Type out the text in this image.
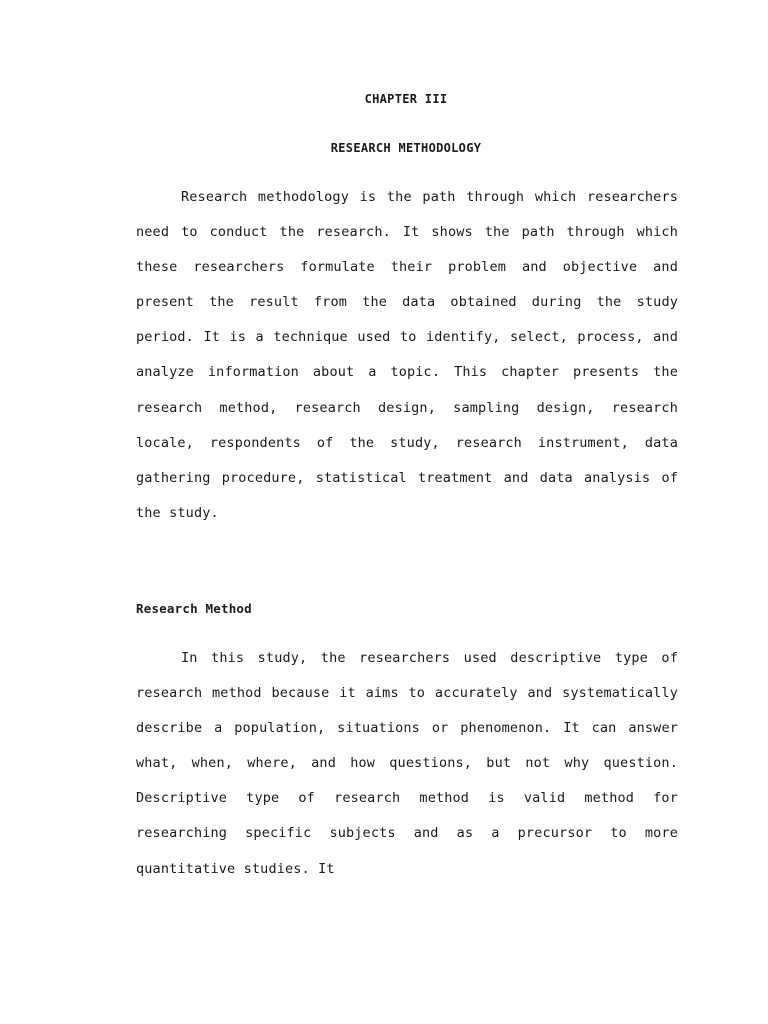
CHAPTER III
RESEARCH METHODOLOGY

Research methodology is the path through which researchers need to conduct the research. It shows the path through which these researchers formulate their problem and objective and present the result from the data obtained during the study period. It is a technique used to identify, select, process, and analyze information about a topic. This chapter presents the research method, research design, sampling design, research locale, respondents of the study, research instrument, data gathering procedure, statistical treatment and data analysis of the study.

Research Method

In this study, the researchers used descriptive type of research method because it aims to accurately and systematically describe a population, situations or phenomenon. It can answer what, when, where, and how questions, but not why question. Descriptive type of research method is valid method for researching specific subjects and as a precursor to more quantitative studies. It
